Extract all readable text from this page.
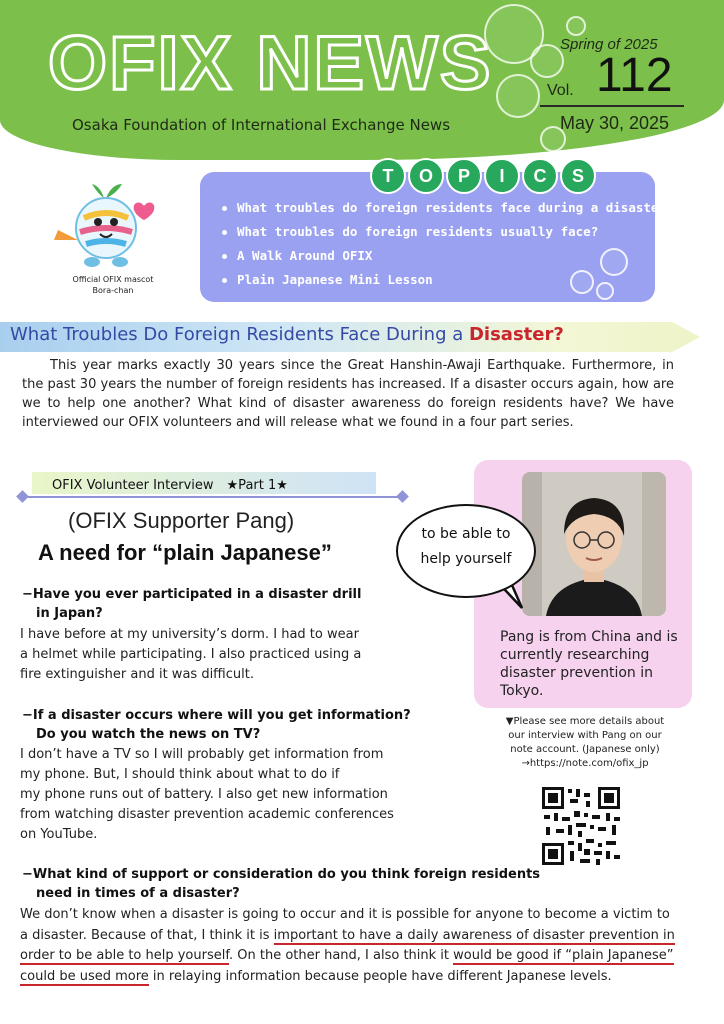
OFIX NEWS
Osaka Foundation of International Exchange News
Spring of 2025
Vol. 112
May 30, 2025
Official OFIX mascot
Bora-chan
T	O	P	I	C	S
What troubles do foreign residents face during a disaster?
What troubles do foreign residents usually face?
A Walk Around OFIX
Plain Japanese Mini Lesson
What Troubles Do Foreign Residents Face During a Disaster?
This year marks exactly 30 years since the Great Hanshin-Awaji Earthquake. Furthermore, in the past 30 years the number of foreign residents has increased. If a disaster occurs again, how are we to help one another? What kind of disaster awareness do foreign residents have? We have interviewed our OFIX volunteers and will release what we found in a four part series.
OFIX Volunteer Interview　★Part 1★
(OFIX Supporter Pang)
A need for “plain Japanese”
Pang is from China and is currently researching disaster prevention in Tokyo.
to be able to
help yourself
▼Please see more details about
our interview with Pang on our
note account. (Japanese only)
→https://note.com/ofix_jp
−Have you ever participated in a disaster drill
in Japan?
I have before at my university’s dorm. I had to wear
a helmet while participating. I also practiced using a
fire extinguisher and it was difficult.
−If a disaster occurs where will you get information?
Do you watch the news on TV?
I don’t have a TV so I will probably get information from
my phone. But, I should think about what to do if
my phone runs out of battery. I also get new information
from watching disaster prevention academic conferences
on YouTube.
−What kind of support or consideration do you think foreign residents
need in times of a disaster?
We don’t know when a disaster is going to occur and it is possible for anyone to become a victim to a disaster. Because of that, I think it is important to have a daily awareness of disaster prevention in order to be able to help yourself. On the other hand, I also think it would be good if “plain Japanese” could be used more in relaying information because people have different Japanese levels.
